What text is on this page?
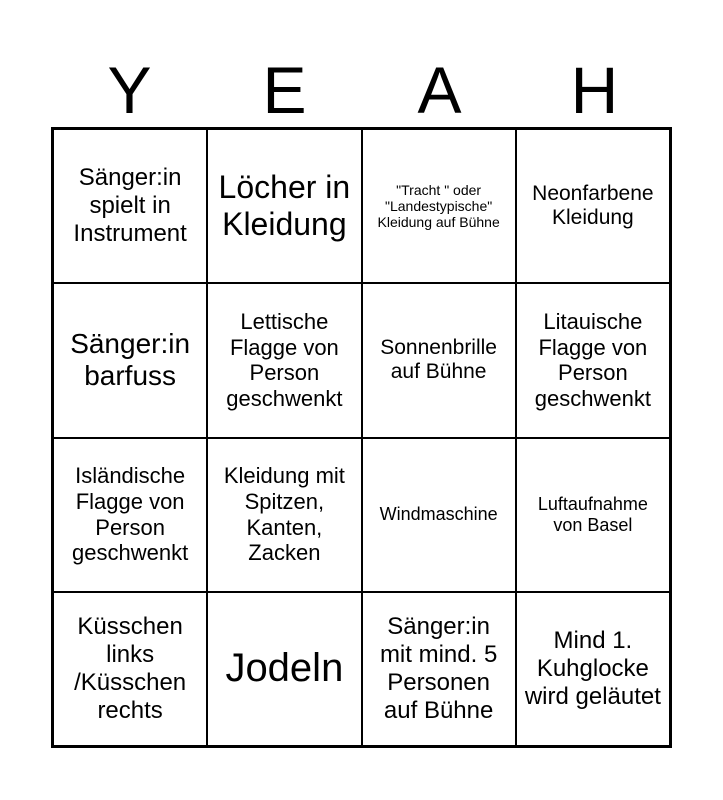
Y	E	A	H
Sänger:in spielt in Instrument
Löcher in Kleidung
"Tracht " oder "Landestypische" Kleidung auf Bühne
Neonfarbene Kleidung
Sänger:in barfuss
Lettische Flagge von Person geschwenkt
Sonnenbrille auf Bühne
Litauische Flagge von Person geschwenkt
Isländische Flagge von Person geschwenkt
Kleidung mit Spitzen, Kanten, Zacken
Windmaschine
Luftaufnahme von Basel
Küsschen links /Küsschen rechts
Jodeln
Sänger:in mit mind. 5 Personen auf Bühne
Mind 1. Kuhglocke wird geläutet
